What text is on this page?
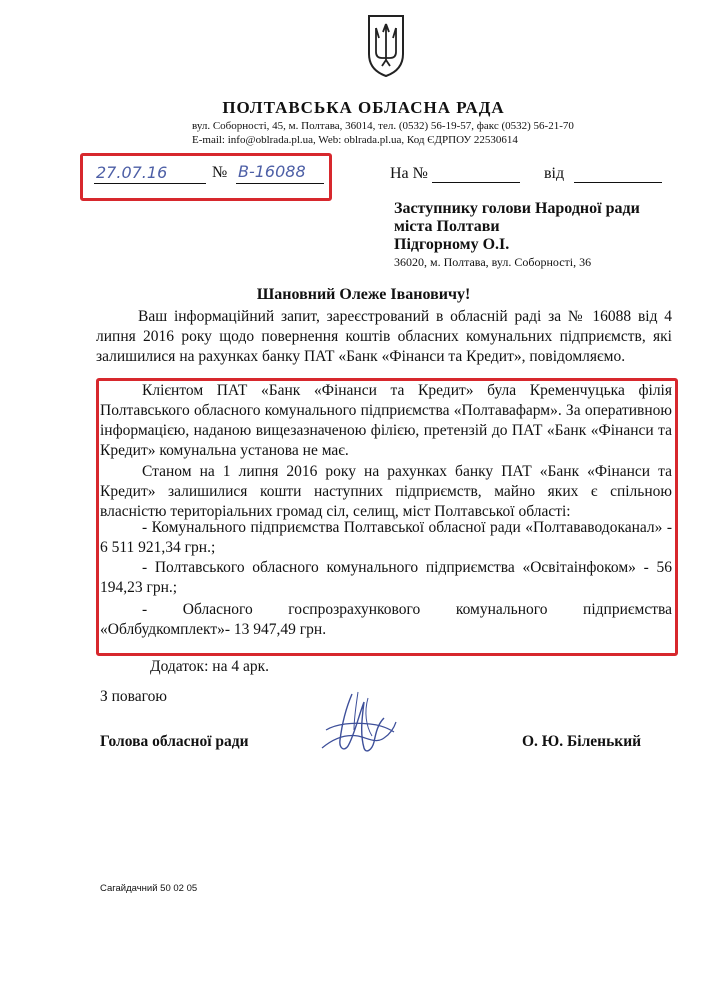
ПОЛТАВСЬКА ОБЛАСНА РАДА
вул. Соборності, 45, м. Полтава, 36014, тел. (0532) 56-19-57, факс (0532) 56-21-70
E-mail: info@oblrada.pl.ua, Web: oblrada.pl.ua, Код ЄДРПОУ 22530614
27.07.16	№ В-16088	На №	від
Заступнику голови Народної ради
міста Полтави
Підгорному О.І.
36020, м. Полтава, вул. Соборності, 36
Шановний Олеже Івановичу!
Ваш інформаційний запит, зареєстрований в обласній раді за № 16088 від 4 липня 2016 року щодо повернення коштів обласних комунальних підприємств, які залишилися на рахунках банку ПАТ «Банк «Фінанси та Кредит», повідомляємо.
Клієнтом ПАТ «Банк «Фінанси та Кредит» була Кременчуцька філія Полтавського обласного комунального підприємства «Полтавафарм». За оперативною інформацією, наданою вищезазначеною філією, претензій до ПАТ «Банк «Фінанси та Кредит» комунальна установа не має.
Станом на 1 липня 2016 року на рахунках банку ПАТ «Банк «Фінанси та Кредит» залишилися кошти наступних підприємств, майно яких є спільною власністю територіальних громад сіл, селищ, міст Полтавської області:
- Комунального підприємства Полтавської обласної ради «Полтававодоканал» - 6 511 921,34 грн.;
- Полтавського обласного комунального підприємства «Освітаінфоком» - 56 194,23 грн.;
- Обласного госпрозрахункового комунального підприємства «Облбудкомплект»- 13 947,49 грн.
Додаток: на 4 арк.
З повагою
Голова обласної ради	О. Ю. Біленький
Сагайдачний 50 02 05
